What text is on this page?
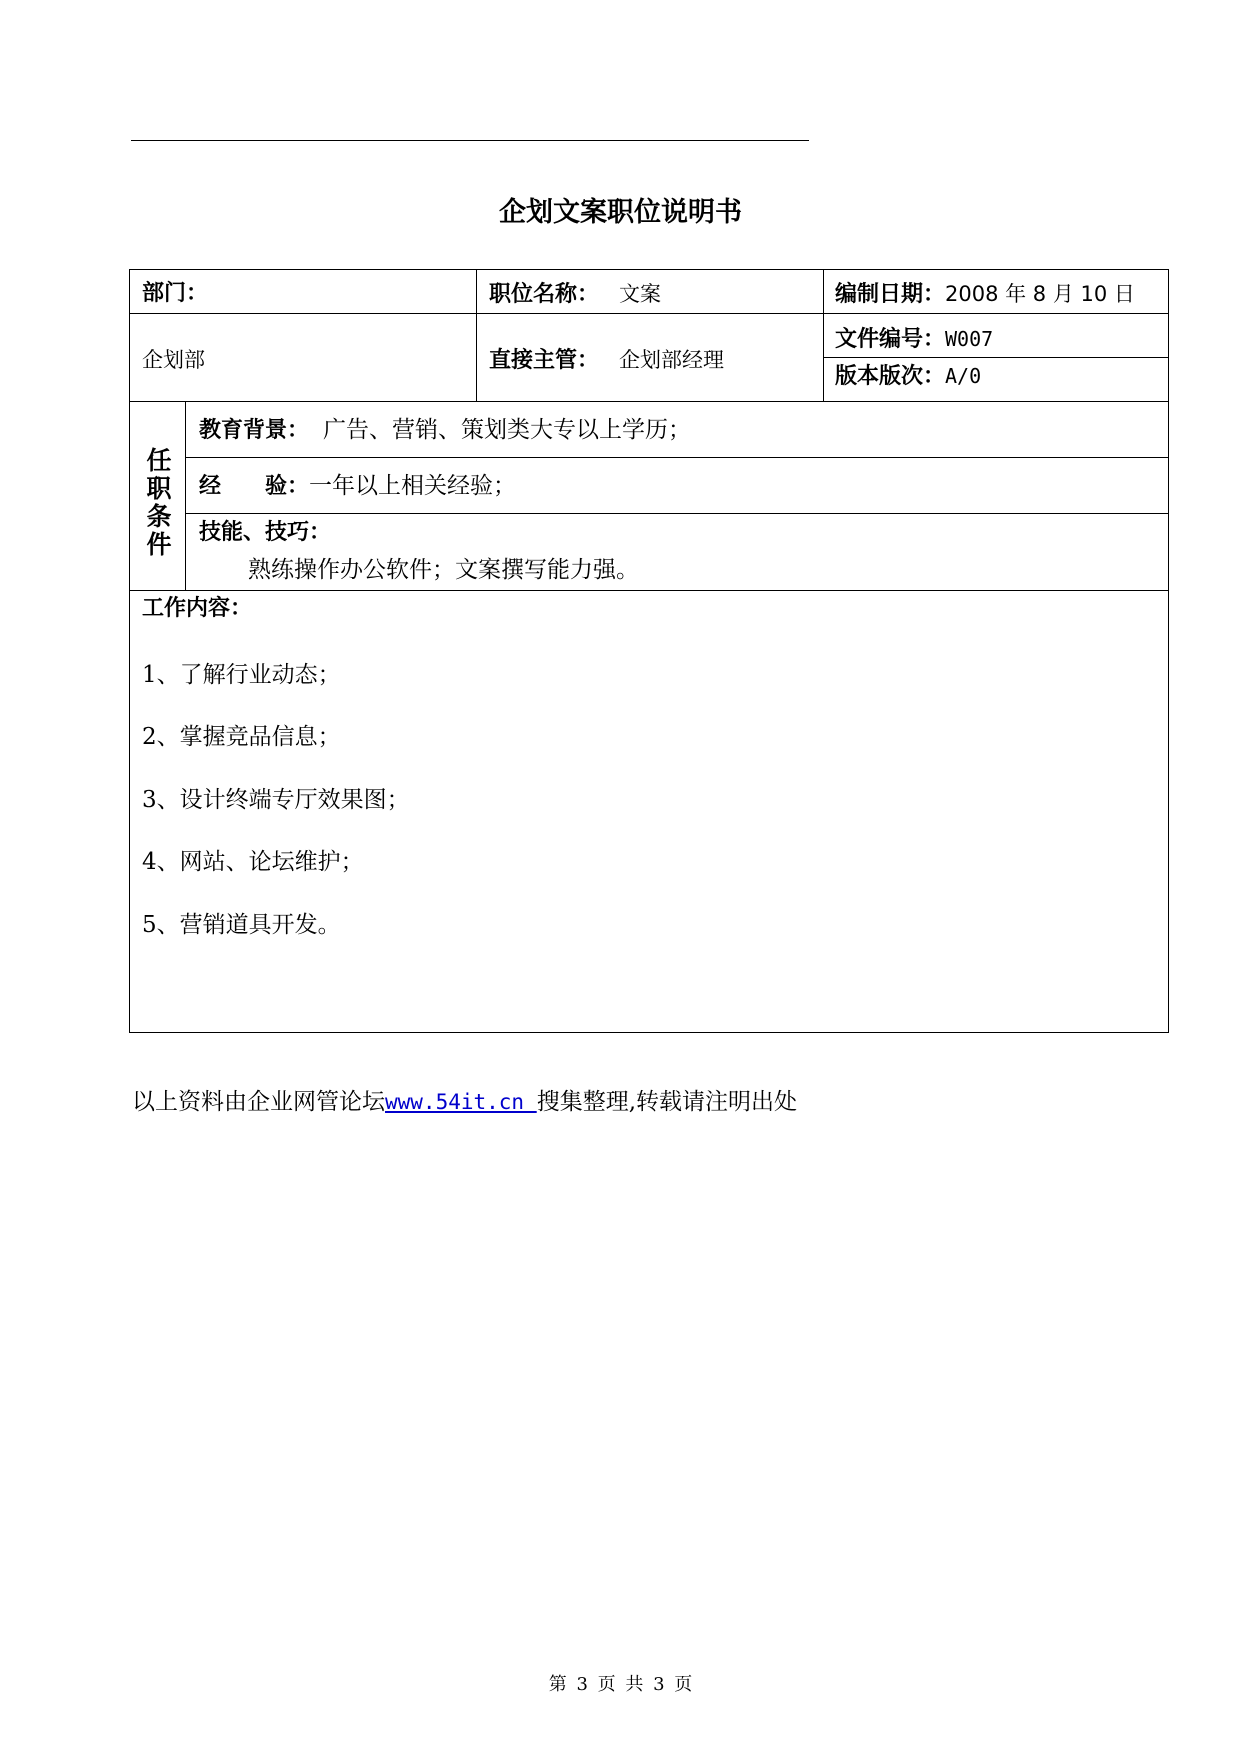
企划文案职位说明书
部门：
企划部
职位名称： 文案
直接主管： 企划部经理
编制日期：2008 年 8 月 10 日
文件编号：W007
版本版次：A/0
任
职
条
件
教育背景： 广告、营销、策划类大专以上学历；
经　　验：一年以上相关经验；
技能、技巧：
熟练操作办公软件；文案撰写能力强。
工作内容：
1、了解行业动态；
2、掌握竞品信息；
3、设计终端专厅效果图；
4、网站、论坛维护；
5、营销道具开发。
以上资料由企业网管论坛www.54it.cn 搜集整理,转载请注明出处
第 3 页 共 3 页
